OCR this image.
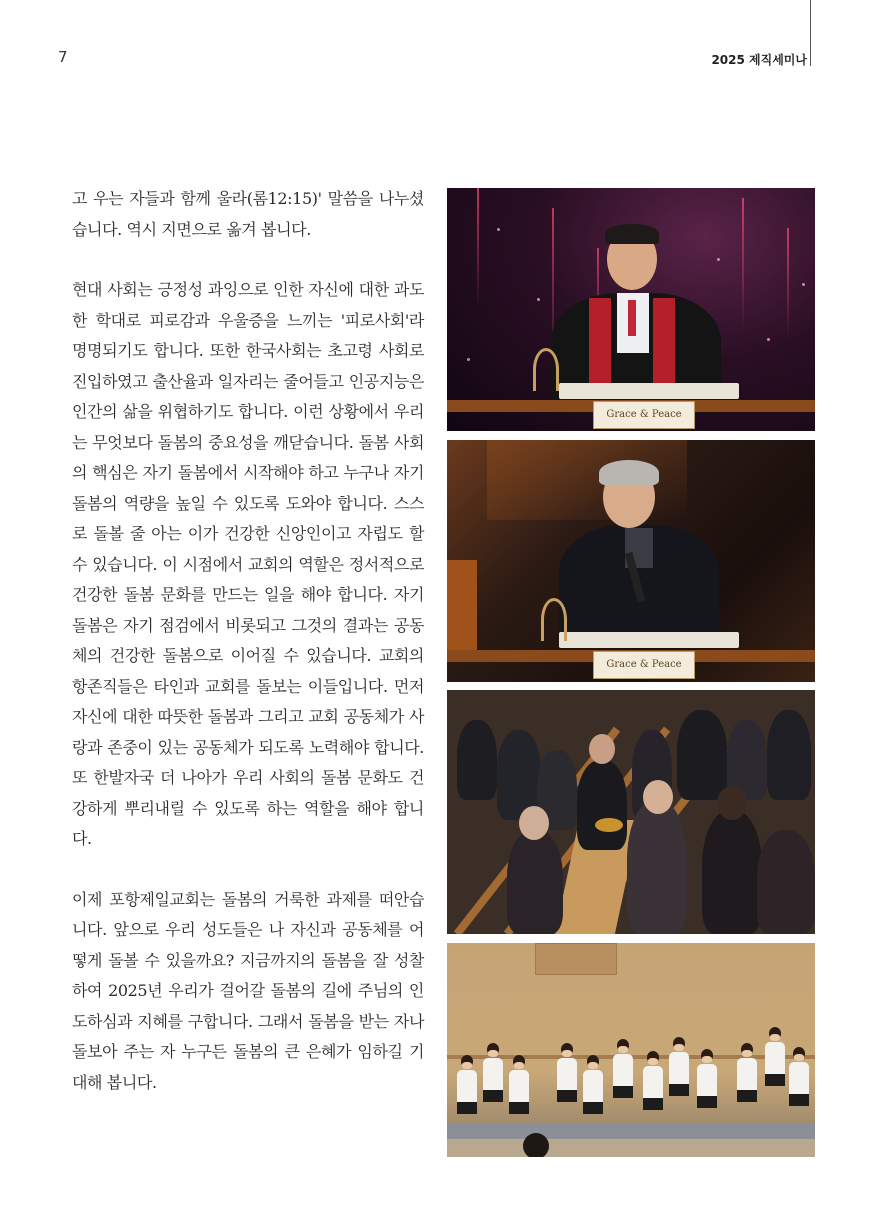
7	2025 제직세미나

고 우는 자들과 함께 울라(롬12:15)' 말씀을 나누셨습니다. 역시 지면으로 옮겨 봅니다.

현대 사회는 긍정성 과잉으로 인한 자신에 대한 과도한 학대로 피로감과 우울증을 느끼는 '피로사회'라 명명되기도 합니다. 또한 한국사회는 초고령 사회로 진입하였고 출산율과 일자리는 줄어들고 인공지능은 인간의 삶을 위협하기도 합니다. 이런 상황에서 우리는 무엇보다 돌봄의 중요성을 깨닫습니다. 돌봄 사회의 핵심은 자기 돌봄에서 시작해야 하고 누구나 자기 돌봄의 역량을 높일 수 있도록 도와야 합니다. 스스로 돌볼 줄 아는 이가 건강한 신앙인이고 자립도 할 수 있습니다. 이 시점에서 교회의 역할은 정서적으로 건강한 돌봄 문화를 만드는 일을 해야 합니다. 자기 돌봄은 자기 점검에서 비롯되고 그것의 결과는 공동체의 건강한 돌봄으로 이어질 수 있습니다. 교회의 항존직들은 타인과 교회를 돌보는 이들입니다. 먼저 자신에 대한 따뜻한 돌봄과 그리고 교회 공동체가 사랑과 존중이 있는 공동체가 되도록 노력해야 합니다. 또 한발자국 더 나아가 우리 사회의 돌봄 문화도 건강하게 뿌리내릴 수 있도록 하는 역할을 해야 합니다.

이제 포항제일교회는 돌봄의 거룩한 과제를 떠안습니다. 앞으로 우리 성도들은 나 자신과 공동체를 어떻게 돌볼 수 있을까요? 지금까지의 돌봄을 잘 성찰하여 2025년 우리가 걸어갈 돌봄의 길에 주님의 인도하심과 지혜를 구합니다. 그래서 돌봄을 받는 자나 돌보아 주는 자 누구든 돌봄의 큰 은혜가 임하길 기대해 봅니다.

Grace & Peace
Grace & Peace
